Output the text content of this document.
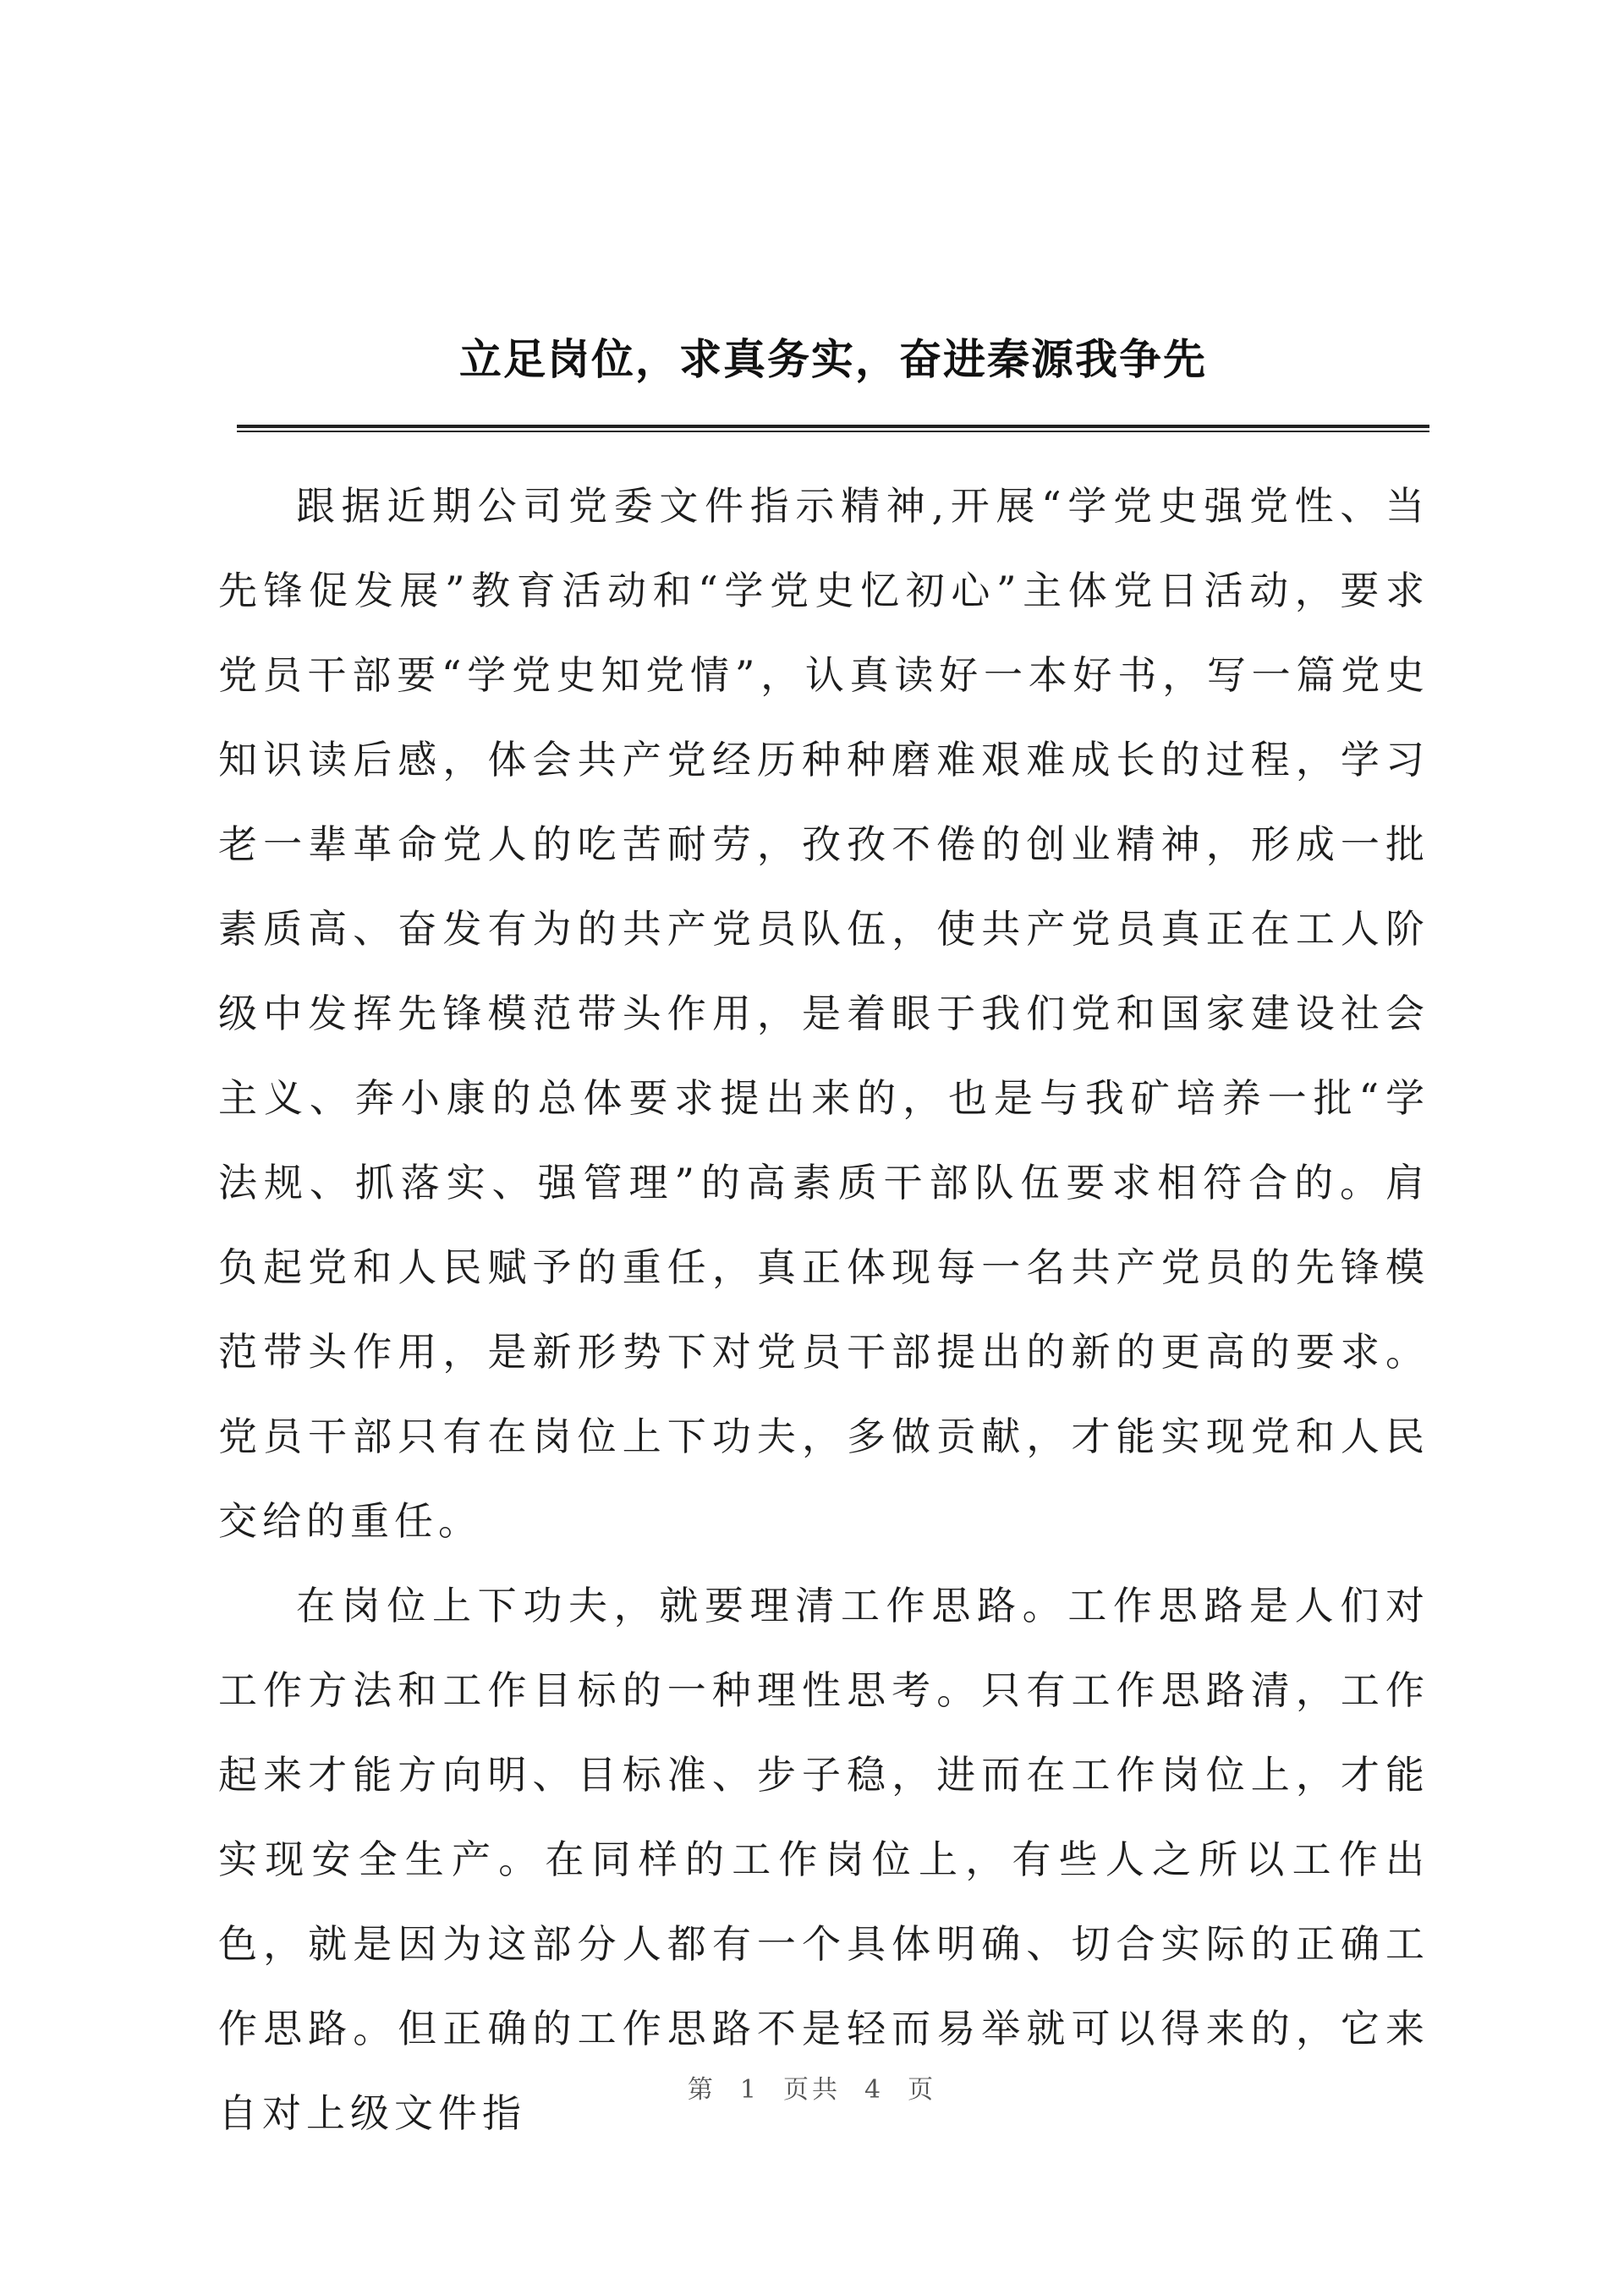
立足岗位，求真务实，奋进秦源我争先

跟据近期公司党委文件指示精神,开展“学党史强党性、当先锋促发展”教育活动和“学党史忆初心”主体党日活动，要求党员干部要“学党史知党情”，认真读好一本好书，写一篇党史知识读后感，体会共产党经历种种磨难艰难成长的过程，学习老一辈革命党人的吃苦耐劳，孜孜不倦的创业精神，形成一批素质高、奋发有为的共产党员队伍，使共产党员真正在工人阶级中发挥先锋模范带头作用，是着眼于我们党和国家建设社会主义、奔小康的总体要求提出来的，也是与我矿培养一批“学法规、抓落实、强管理”的高素质干部队伍要求相符合的。肩负起党和人民赋予的重任，真正体现每一名共产党员的先锋模范带头作用，是新形势下对党员干部提出的新的更高的要求。党员干部只有在岗位上下功夫，多做贡献，才能实现党和人民交给的重任。

在岗位上下功夫，就要理清工作思路。工作思路是人们对工作方法和工作目标的一种理性思考。只有工作思路清，工作起来才能方向明、目标准、步子稳，进而在工作岗位上，才能实现安全生产。在同样的工作岗位上，有些人之所以工作出色，就是因为这部分人都有一个具体明确、切合实际的正确工作思路。但正确的工作思路不是轻而易举就可以得来的，它来自对上级文件指

第 1 页共 4 页
